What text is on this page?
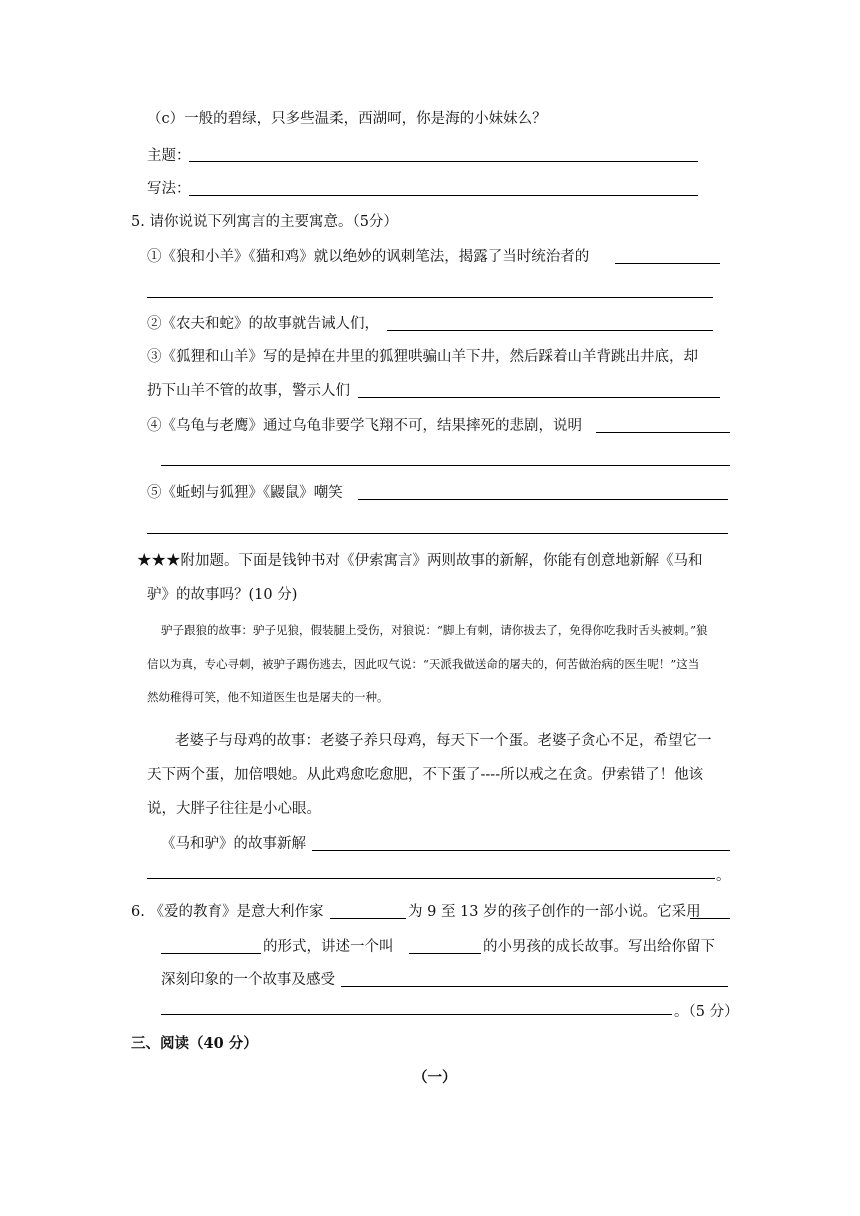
（c）一般的碧绿，只多些温柔，西湖呵，你是海的小妹妹么？
主题：
写法：
5. 请你说说下列寓言的主要寓意。（5分）
①《狼和小羊》《猫和鸡》就以绝妙的讽刺笔法，揭露了当时统治者的
②《农夫和蛇》的故事就告诫人们，
③《狐狸和山羊》写的是掉在井里的狐狸哄骗山羊下井，然后踩着山羊背跳出井底，却
扔下山羊不管的故事，警示人们
④《乌龟与老鹰》通过乌龟非要学飞翔不可，结果摔死的悲剧，说明
⑤《蚯蚓与狐狸》《鼹鼠》嘲笑
★★★附加题。下面是钱钟书对《伊索寓言》两则故事的新解，你能有创意地新解《马和
驴》的故事吗？(10 分)
驴子跟狼的故事：驴子见狼，假装腿上受伤，对狼说：“脚上有刺，请你拔去了，免得你吃我时舌头被刺。”狼
信以为真，专心寻刺，被驴子踢伤逃去，因此叹气说：“天派我做送命的屠夫的，何苦做治病的医生呢！”这当
然幼稚得可笑，他不知道医生也是屠夫的一种。
老婆子与母鸡的故事：老婆子养只母鸡，每天下一个蛋。老婆子贪心不足，希望它一
天下两个蛋，加倍喂她。从此鸡愈吃愈肥，不下蛋了----所以戒之在贪。伊索错了！他该
说，大胖子往往是小心眼。
《马和驴》的故事新解
。
6. 《爱的教育》是意大利作家	为 9 至 13 岁的孩子创作的一部小说。它采用
的形式，讲述一个叫	的小男孩的成长故事。写出给你留下
深刻印象的一个故事及感受
。（5 分）
三、阅读（40 分）
（一）
